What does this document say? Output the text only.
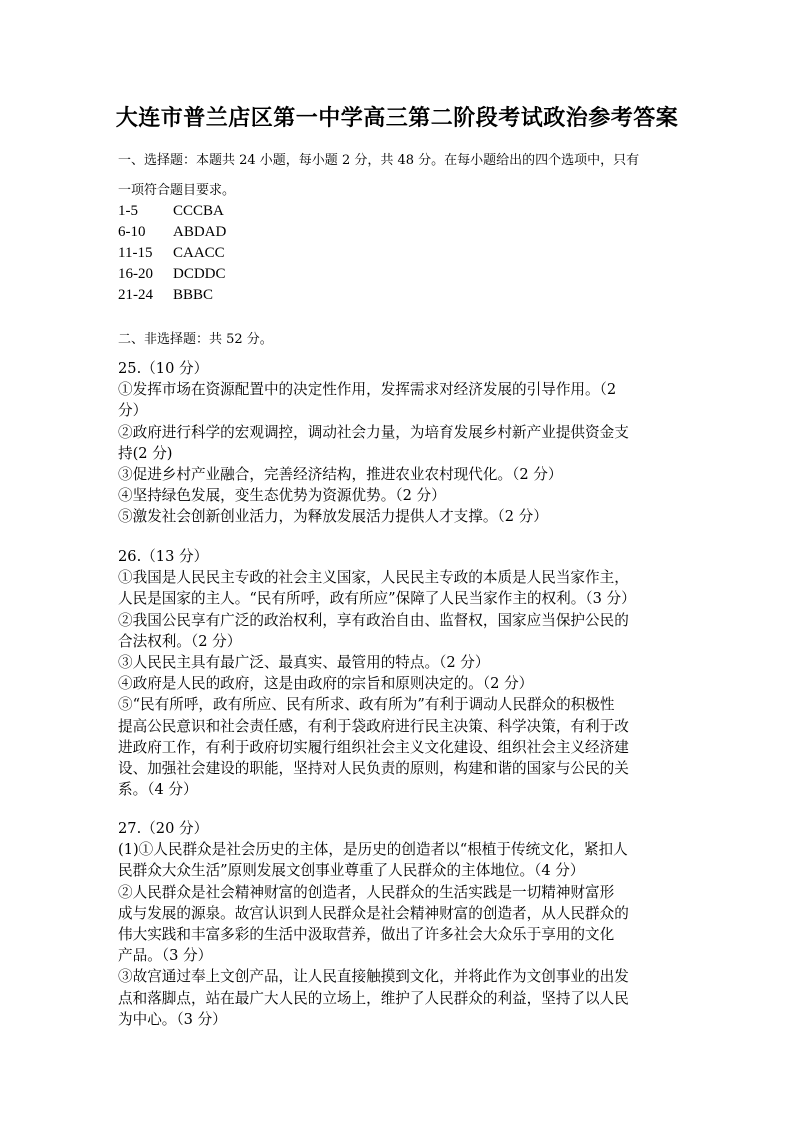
大连市普兰店区第一中学高三第二阶段考试政治参考答案

一、选择题：本题共 24 小题，每小题 2 分，共 48 分。在每小题给出的四个选项中，只有

一项符合题目要求。

1-5	CCCBA
6-10	ABDAD
11-15	CAACC
16-20	DCDDC
21-24	BBBC
二、非选择题：共 52 分。

25.（10 分）

①发挥市场在资源配置中的决定性作用，发挥需求对经济发展的引导作用。（2

分）

②政府进行科学的宏观调控，调动社会力量，为培育发展乡村新产业提供资金支

持(2 分)

③促进乡村产业融合，完善经济结构，推进农业农村现代化。（2 分）

④坚持绿色发展，变生态优势为资源优势。（2 分）

⑤激发社会创新创业活力，为释放发展活力提供人才支撑。（2 分）

26.（13 分）

①我国是人民民主专政的社会主义国家，人民民主专政的本质是人民当家作主，

人民是国家的主人。“民有所呼，政有所应”保障了人民当家作主的权利。（3 分）

②我国公民享有广泛的政治权利，享有政治自由、监督权，国家应当保护公民的

合法权利。（2 分）

③人民民主具有最广泛、最真实、最管用的特点。（2 分）

④政府是人民的政府，这是由政府的宗旨和原则决定的。（2 分）

⑤“民有所呼，政有所应、民有所求、政有所为”有利于调动人民群众的积极性

提高公民意识和社会责任感，有利于袋政府进行民主决策、科学决策，有利于改

进政府工作，有利于政府切实履行组织社会主义文化建设、组织社会主义经济建

设、加强社会建设的职能，坚持对人民负责的原则，构建和谐的国家与公民的关

系。（4 分）

27.（20 分）

(1)①人民群众是社会历史的主体，是历史的创造者以“根植于传统文化，紧扣人

民群众大众生活”原则发展文创事业尊重了人民群众的主体地位。（4 分）

②人民群众是社会精神财富的创造者，人民群众的生活实践是一切精神财富形

成与发展的源泉。故宫认识到人民群众是社会精神财富的创造者，从人民群众的

伟大实践和丰富多彩的生活中汲取营养，做出了许多社会大众乐于享用的文化

产品。（3 分）

③故宫通过奉上文创产品，让人民直接触摸到文化，并将此作为文创事业的出发

点和落脚点，站在最广大人民的立场上，维护了人民群众的利益，坚持了以人民

为中心。（3 分）
